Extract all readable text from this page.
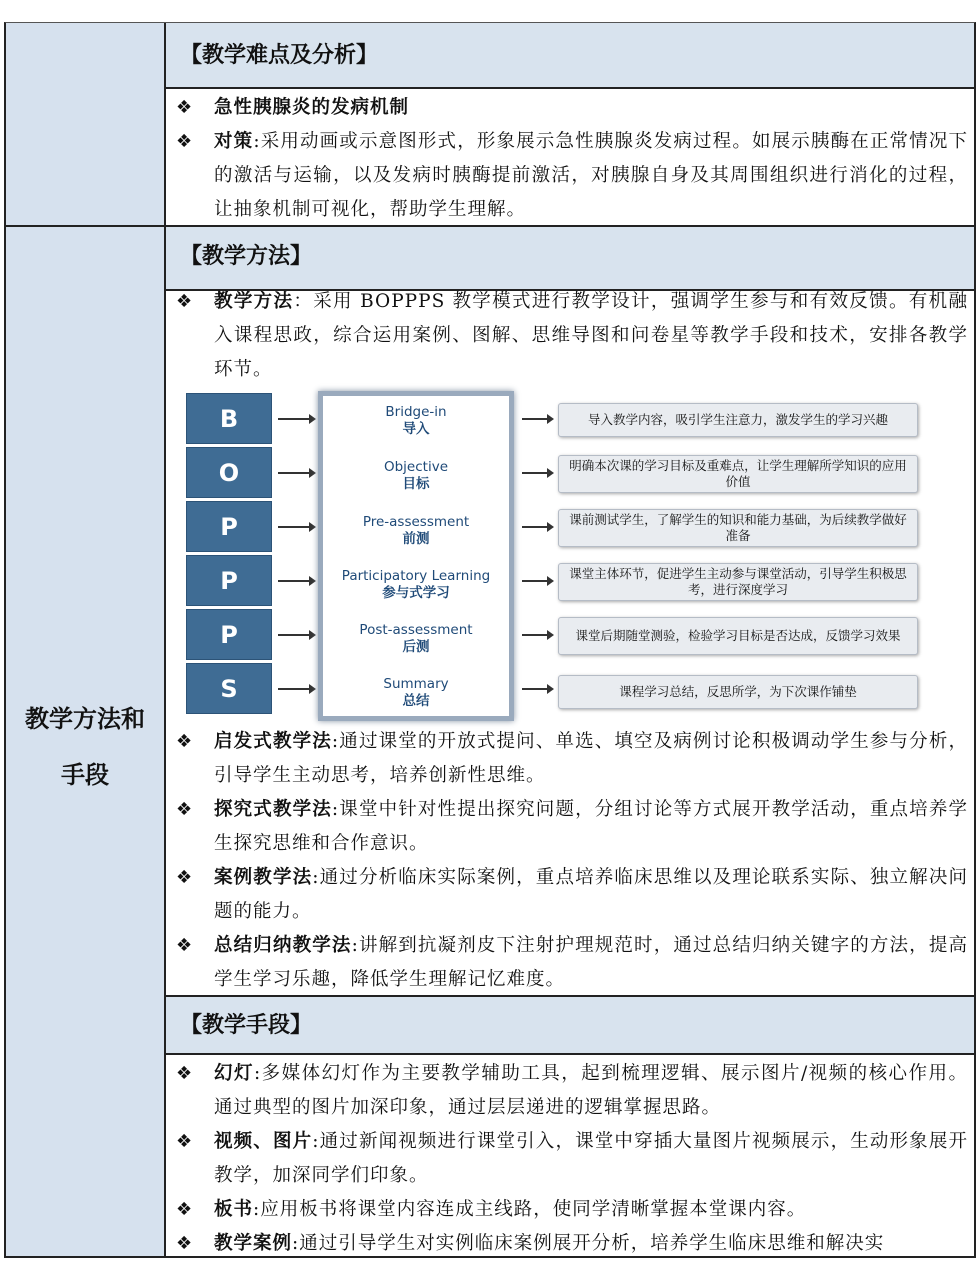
教学方法和
手段
【教学难点及分析】
❖ 急性胰腺炎的发病机制
❖ 对策:采用动画或示意图形式，形象展示急性胰腺炎发病过程。如展示胰酶在正常情况下的激活与运输，以及发病时胰酶提前激活，对胰腺自身及其周围组织进行消化的过程，让抽象机制可视化，帮助学生理解。
【教学方法】
❖ 教学方法：采用 BOPPPS 教学模式进行教学设计，强调学生参与和有效反馈。有机融入课程思政，综合运用案例、图解、思维导图和问卷星等教学手段和技术，安排各教学环节。
B
O
P
P
P
S
Bridge-in
导入
Objective
目标
Pre-assessment
前测
Participatory Learning
参与式学习
Post-assessment
后测
Summary
总结
导入教学内容，吸引学生注意力，激发学生的学习兴趣
明确本次课的学习目标及重难点，让学生理解所学知识的应用价值
课前测试学生，了解学生的知识和能力基础，为后续教学做好准备
课堂主体环节，促进学生主动参与课堂活动，引导学生积极思考，进行深度学习
课堂后期随堂测验，检验学习目标是否达成，反馈学习效果
课程学习总结，反思所学，为下次课作铺垫
❖ 启发式教学法:通过课堂的开放式提问、单选、填空及病例讨论积极调动学生参与分析，引导学生主动思考，培养创新性思维。
❖ 探究式教学法:课堂中针对性提出探究问题，分组讨论等方式展开教学活动，重点培养学生探究思维和合作意识。
❖ 案例教学法:通过分析临床实际案例，重点培养临床思维以及理论联系实际、独立解决问题的能力。
❖ 总结归纳教学法:讲解到抗凝剂皮下注射护理规范时，通过总结归纳关键字的方法，提高学生学习乐趣，降低学生理解记忆难度。
【教学手段】
❖ 幻灯:多媒体幻灯作为主要教学辅助工具，起到梳理逻辑、展示图片/视频的核心作用。通过典型的图片加深印象，通过层层递进的逻辑掌握思路。
❖ 视频、图片:通过新闻视频进行课堂引入，课堂中穿插大量图片视频展示，生动形象展开教学，加深同学们印象。
❖ 板书:应用板书将课堂内容连成主线路，使同学清晰掌握本堂课内容。
❖ 教学案例:通过引导学生对实例临床案例展开分析，培养学生临床思维和解决实
